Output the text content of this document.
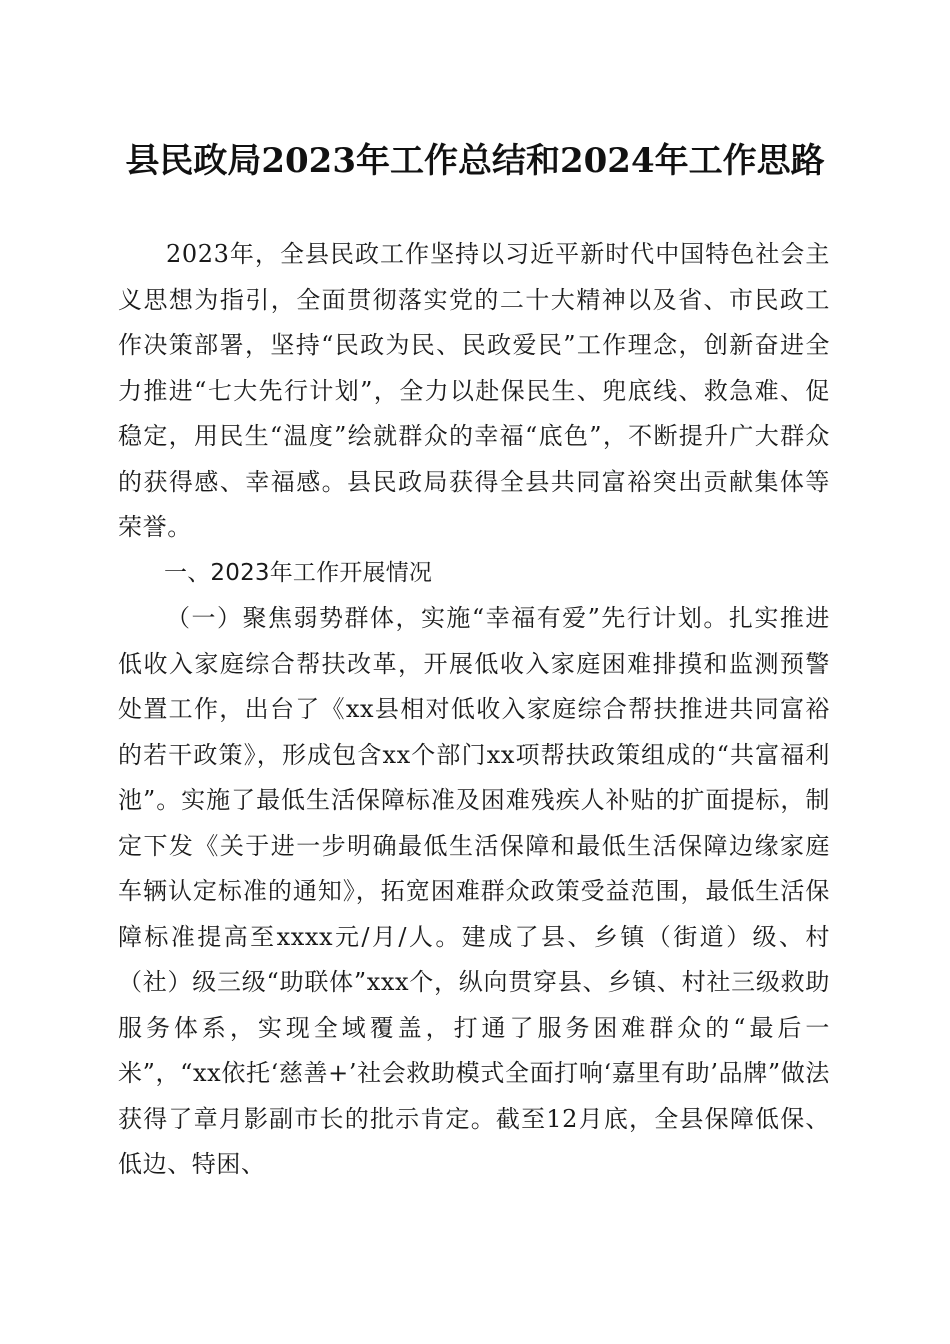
县民政局2023年工作总结和2024年工作思路

2023年，全县民政工作坚持以习近平新时代中国特色社会主义思想为指引，全面贯彻落实党的二十大精神以及省、市民政工作决策部署，坚持“民政为民、民政爱民”工作理念，创新奋进全力推进“七大先行计划”，全力以赴保民生、兜底线、救急难、促稳定，用民生“温度”绘就群众的幸福“底色”，不断提升广大群众的获得感、幸福感。县民政局获得全县共同富裕突出贡献集体等荣誉。

一、2023年工作开展情况

（一）聚焦弱势群体，实施“幸福有爱”先行计划。扎实推进低收入家庭综合帮扶改革，开展低收入家庭困难排摸和监测预警处置工作，出台了《xx县相对低收入家庭综合帮扶推进共同富裕的若干政策》，形成包含xx个部门xx项帮扶政策组成的“共富福利池”。实施了最低生活保障标准及困难残疾人补贴的扩面提标，制定下发《关于进一步明确最低生活保障和最低生活保障边缘家庭车辆认定标准的通知》，拓宽困难群众政策受益范围，最低生活保障标准提高至xxxx元/月/人。建成了县、乡镇（街道）级、村（社）级三级“助联体”xxx个，纵向贯穿县、乡镇、村社三级救助服务体系，实现全域覆盖，打通了服务困难群众的“最后一米”，“xx依托‘慈善+’社会救助模式全面打响‘嘉里有助’品牌”做法获得了章月影副市长的批示肯定。截至12月底，全县保障低保、低边、特困、
